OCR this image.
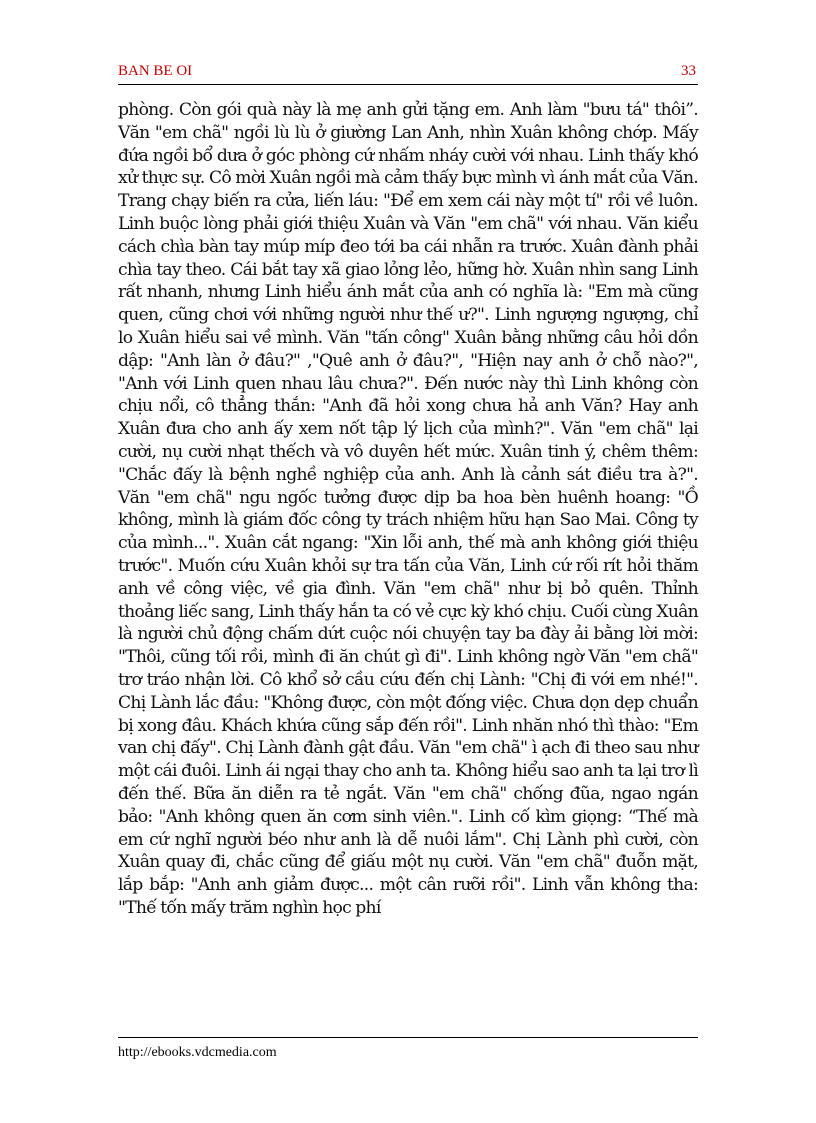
BAN BE OI	33

phòng. Còn gói quà này là mẹ anh gửi tặng em. Anh làm "bưu tá" thôi”. Văn "em chã" ngồi lù lù ở giường Lan Anh, nhìn Xuân không chớp. Mấy đứa ngồi bổ dưa ở góc phòng cứ nhấm nháy cười với nhau. Linh thấy khó xử thực sự. Cô mời Xuân ngồi mà cảm thấy bực mình vì ánh mắt của Văn. Trang chạy biến ra cửa, liến láu: "Để em xem cái này một tí" rồi về luôn. Linh buộc lòng phải giới thiệu Xuân và Văn "em chã" với nhau. Văn kiểu cách chìa bàn tay múp míp đeo tới ba cái nhẫn ra trước. Xuân đành phải chìa tay theo. Cái bắt tay xã giao lỏng lẻo, hững hờ. Xuân nhìn sang Linh rất nhanh, nhưng Linh hiểu ánh mắt của anh có nghĩa là: "Em mà cũng quen, cũng chơi với những người như thế ư?". Linh ngượng ngượng, chỉ lo Xuân hiểu sai về mình. Văn "tấn công" Xuân bằng những câu hỏi dồn dập: "Anh làn ở đâu?" ,"Quê anh ở đâu?", "Hiện nay anh ở chỗ nào?", "Anh với Linh quen nhau lâu chưa?". Đến nước này thì Linh không còn chịu nổi, cô thẳng thắn: "Anh đã hỏi xong chưa hả anh Văn? Hay anh Xuân đưa cho anh ấy xem nốt tập lý lịch của mình?". Văn "em chã" lại cười, nụ cười nhạt thếch và vô duyên hết mức. Xuân tinh ý, chêm thêm: "Chắc đấy là bệnh nghề nghiệp của anh. Anh là cảnh sát điều tra à?". Văn "em chã" ngu ngốc tưởng được dịp ba hoa bèn huênh hoang: "Ồ không, mình là giám đốc công ty trách nhiệm hữu hạn Sao Mai. Công ty của mình...". Xuân cắt ngang: "Xin lỗi anh, thế mà anh không giới thiệu trước". Muốn cứu Xuân khỏi sự tra tấn của Văn, Linh cứ rối rít hỏi thăm anh về công việc, về gia đình. Văn "em chã" như bị bỏ quên. Thỉnh thoảng liếc sang, Linh thấy hắn ta có vẻ cực kỳ khó chịu. Cuối cùng Xuân là người chủ động chấm dứt cuộc nói chuyện tay ba đày ải bằng lời mời: "Thôi, cũng tối rồi, mình đi ăn chút gì đi". Linh không ngờ Văn "em chã" trơ tráo nhận lời. Cô khổ sở cầu cứu đến chị Lành: "Chị đi với em nhé!". Chị Lành lắc đầu: "Không được, còn một đống việc. Chưa dọn dẹp chuẩn bị xong đâu. Khách khứa cũng sắp đến rồi". Linh nhăn nhó thì thào: "Em van chị đấy". Chị Lành đành gật đầu. Văn "em chã" ì ạch đi theo sau như một cái đuôi. Linh ái ngại thay cho anh ta. Không hiểu sao anh ta lại trơ lì đến thế. Bữa ăn diễn ra tẻ ngắt. Văn "em chã" chống đũa, ngao ngán bảo: "Anh không quen ăn cơm sinh viên.". Linh cố kìm giọng: “Thế mà em cứ nghĩ người béo như anh là dễ nuôi lắm". Chị Lành phì cười, còn Xuân quay đi, chắc cũng để giấu một nụ cười. Văn "em chã" đuỗn mặt, lắp bắp: "Anh anh giảm được... một cân rưỡi rồi". Linh vẫn không tha: "Thế tốn mấy trăm nghìn học phí

http://ebooks.vdcmedia.com
